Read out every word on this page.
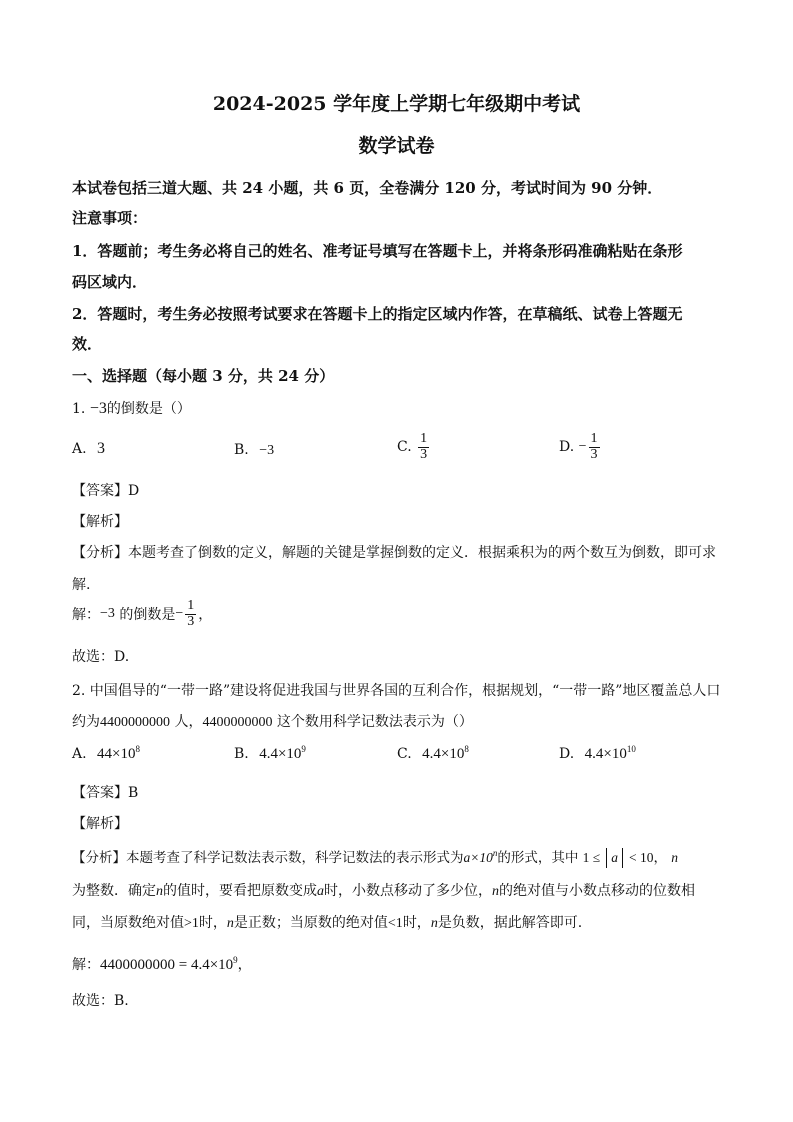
2024-2025 学年度上学期七年级期中考试
数学试卷
本试卷包括三道大题、共 24 小题，共 6 页，全卷满分 120 分，考试时间为 90 分钟．
注意事项：
1．答题前；考生务必将自己的姓名、准考证号填写在答题卡上，并将条形码准确粘贴在条形
码区域内．
2．答题时，考生务必按照考试要求在答题卡上的指定区域内作答，在草稿纸、试卷上答题无
效．
一、选择题（每小题 3 分，共 24 分）
1. −3的倒数是（）
A. 3	B. −3	C. $\frac{1}{3}$	D. − $\frac{1}{3}$
【答案】D
【解析】
【分析】本题考查了倒数的定义，解题的关键是掌握倒数的定义．根据乘积为的两个数互为倒数，即可求
解.
解：−3 的倒数是− $\frac{1}{3}$ ，
故选：D.
2. 中国倡导的“一带一路”建设将促进我国与世界各国的互利合作，根据规划，“一带一路”地区覆盖总人口
约为4400000000 人，4400000000 这个数用科学记数法表示为（）
A. $44\times 10^8$	B. $4.4\times 10^9$	C. $4.4\times 10^8$	D. $4.4\times 10^{10}$
【答案】B
【解析】
【分析】本题考查了科学记数法表示数，科学记数法的表示形式为$a\times 10^n$的形式，其中 1 ≤ a < 10， n
为整数．确定n的值时，要看把原数变成a时，小数点移动了多少位，n的绝对值与小数点移动的位数相
同，当原数绝对值>1时，n是正数；当原数的绝对值<1时，n是负数，据此解答即可.
解：$4400000000 = 4.4\times 10^9$，
故选：B.
